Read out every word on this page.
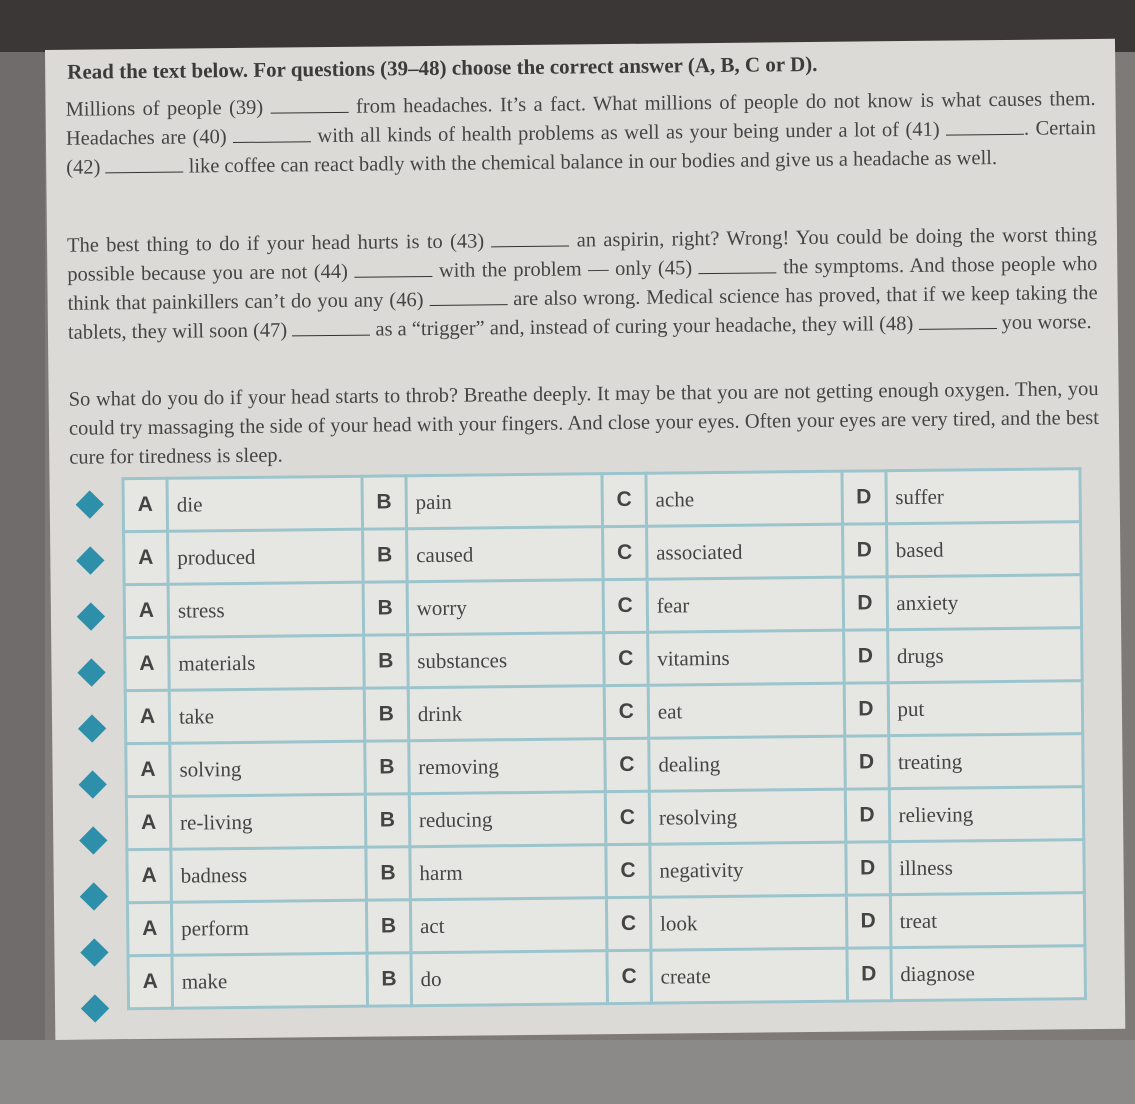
Read the text below. For questions (39–48) choose the correct answer (A, B, C or D).
Millions of people (39)	from headaches. It’s a fact. What millions of people do not know is what causes them. Headaches are (40)	with all kinds of health problems as well as your being under a lot of (41)	. Certain (42)	like coffee can react badly with the chemical balance in our bodies and give us a headache as well.
The best thing to do if your head hurts is to (43)	an aspirin, right? Wrong! You could be doing the worst thing possible because you are not (44)	with the problem — only (45)	the symptoms. And those people who think that painkillers can’t do you any (46)	are also wrong. Medical science has proved, that if we keep taking the tablets, they will soon (47)	as a “trigger” and, instead of curing your headache, they will (48)	you worse.
So what do you do if your head starts to throb? Breathe deeply. It may be that you are not getting enough oxygen. Then, you could try massaging the side of your head with your fingers. And close your eyes. Often your eyes are very tired, and the best cure for tiredness is sleep.
A	die	B	pain	C	ache	D	suffer
A	produced	B	caused	C	associated	D	based
A	stress	B	worry	C	fear	D	anxiety
A	materials	B	substances	C	vitamins	D	drugs
A	take	B	drink	C	eat	D	put
A	solving	B	removing	C	dealing	D	treating
A	re-living	B	reducing	C	resolving	D	relieving
A	badness	B	harm	C	negativity	D	illness
A	perform	B	act	C	look	D	treat
A	make	B	do	C	create	D	diagnose
